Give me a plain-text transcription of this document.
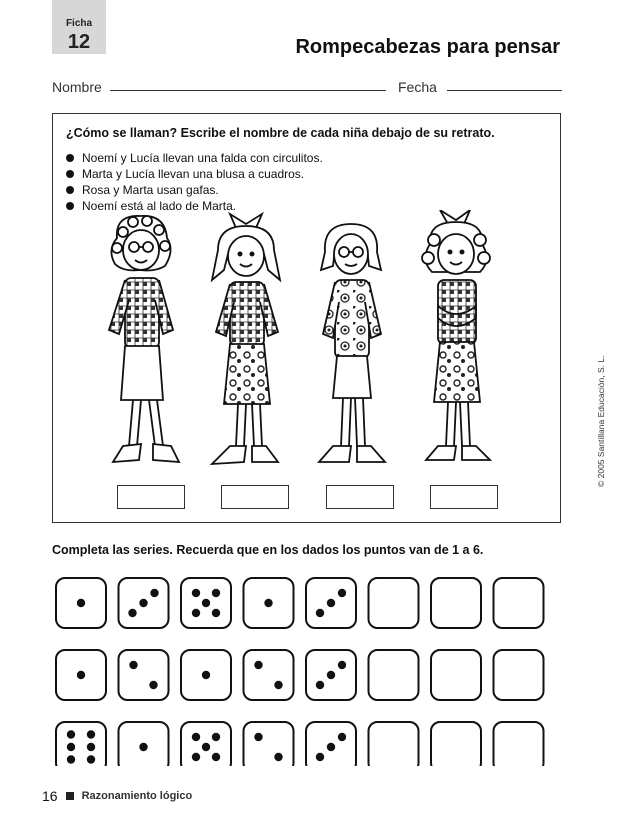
Ficha
12	Rompecabezas para pensar
Nombre	Fecha
¿Cómo se llaman? Escribe el nombre de cada niña debajo de su retrato.
Noemí y Lucía llevan una falda con circulitos.
Marta y Lucía llevan una blusa a cuadros.
Rosa y Marta usan gafas.
Noemí está al lado de Marta.
© 2005 Santillana Educación, S. L.
Completa las series. Recuerda que en los dados los puntos van de 1 a 6.
16 Razonamiento lógico
